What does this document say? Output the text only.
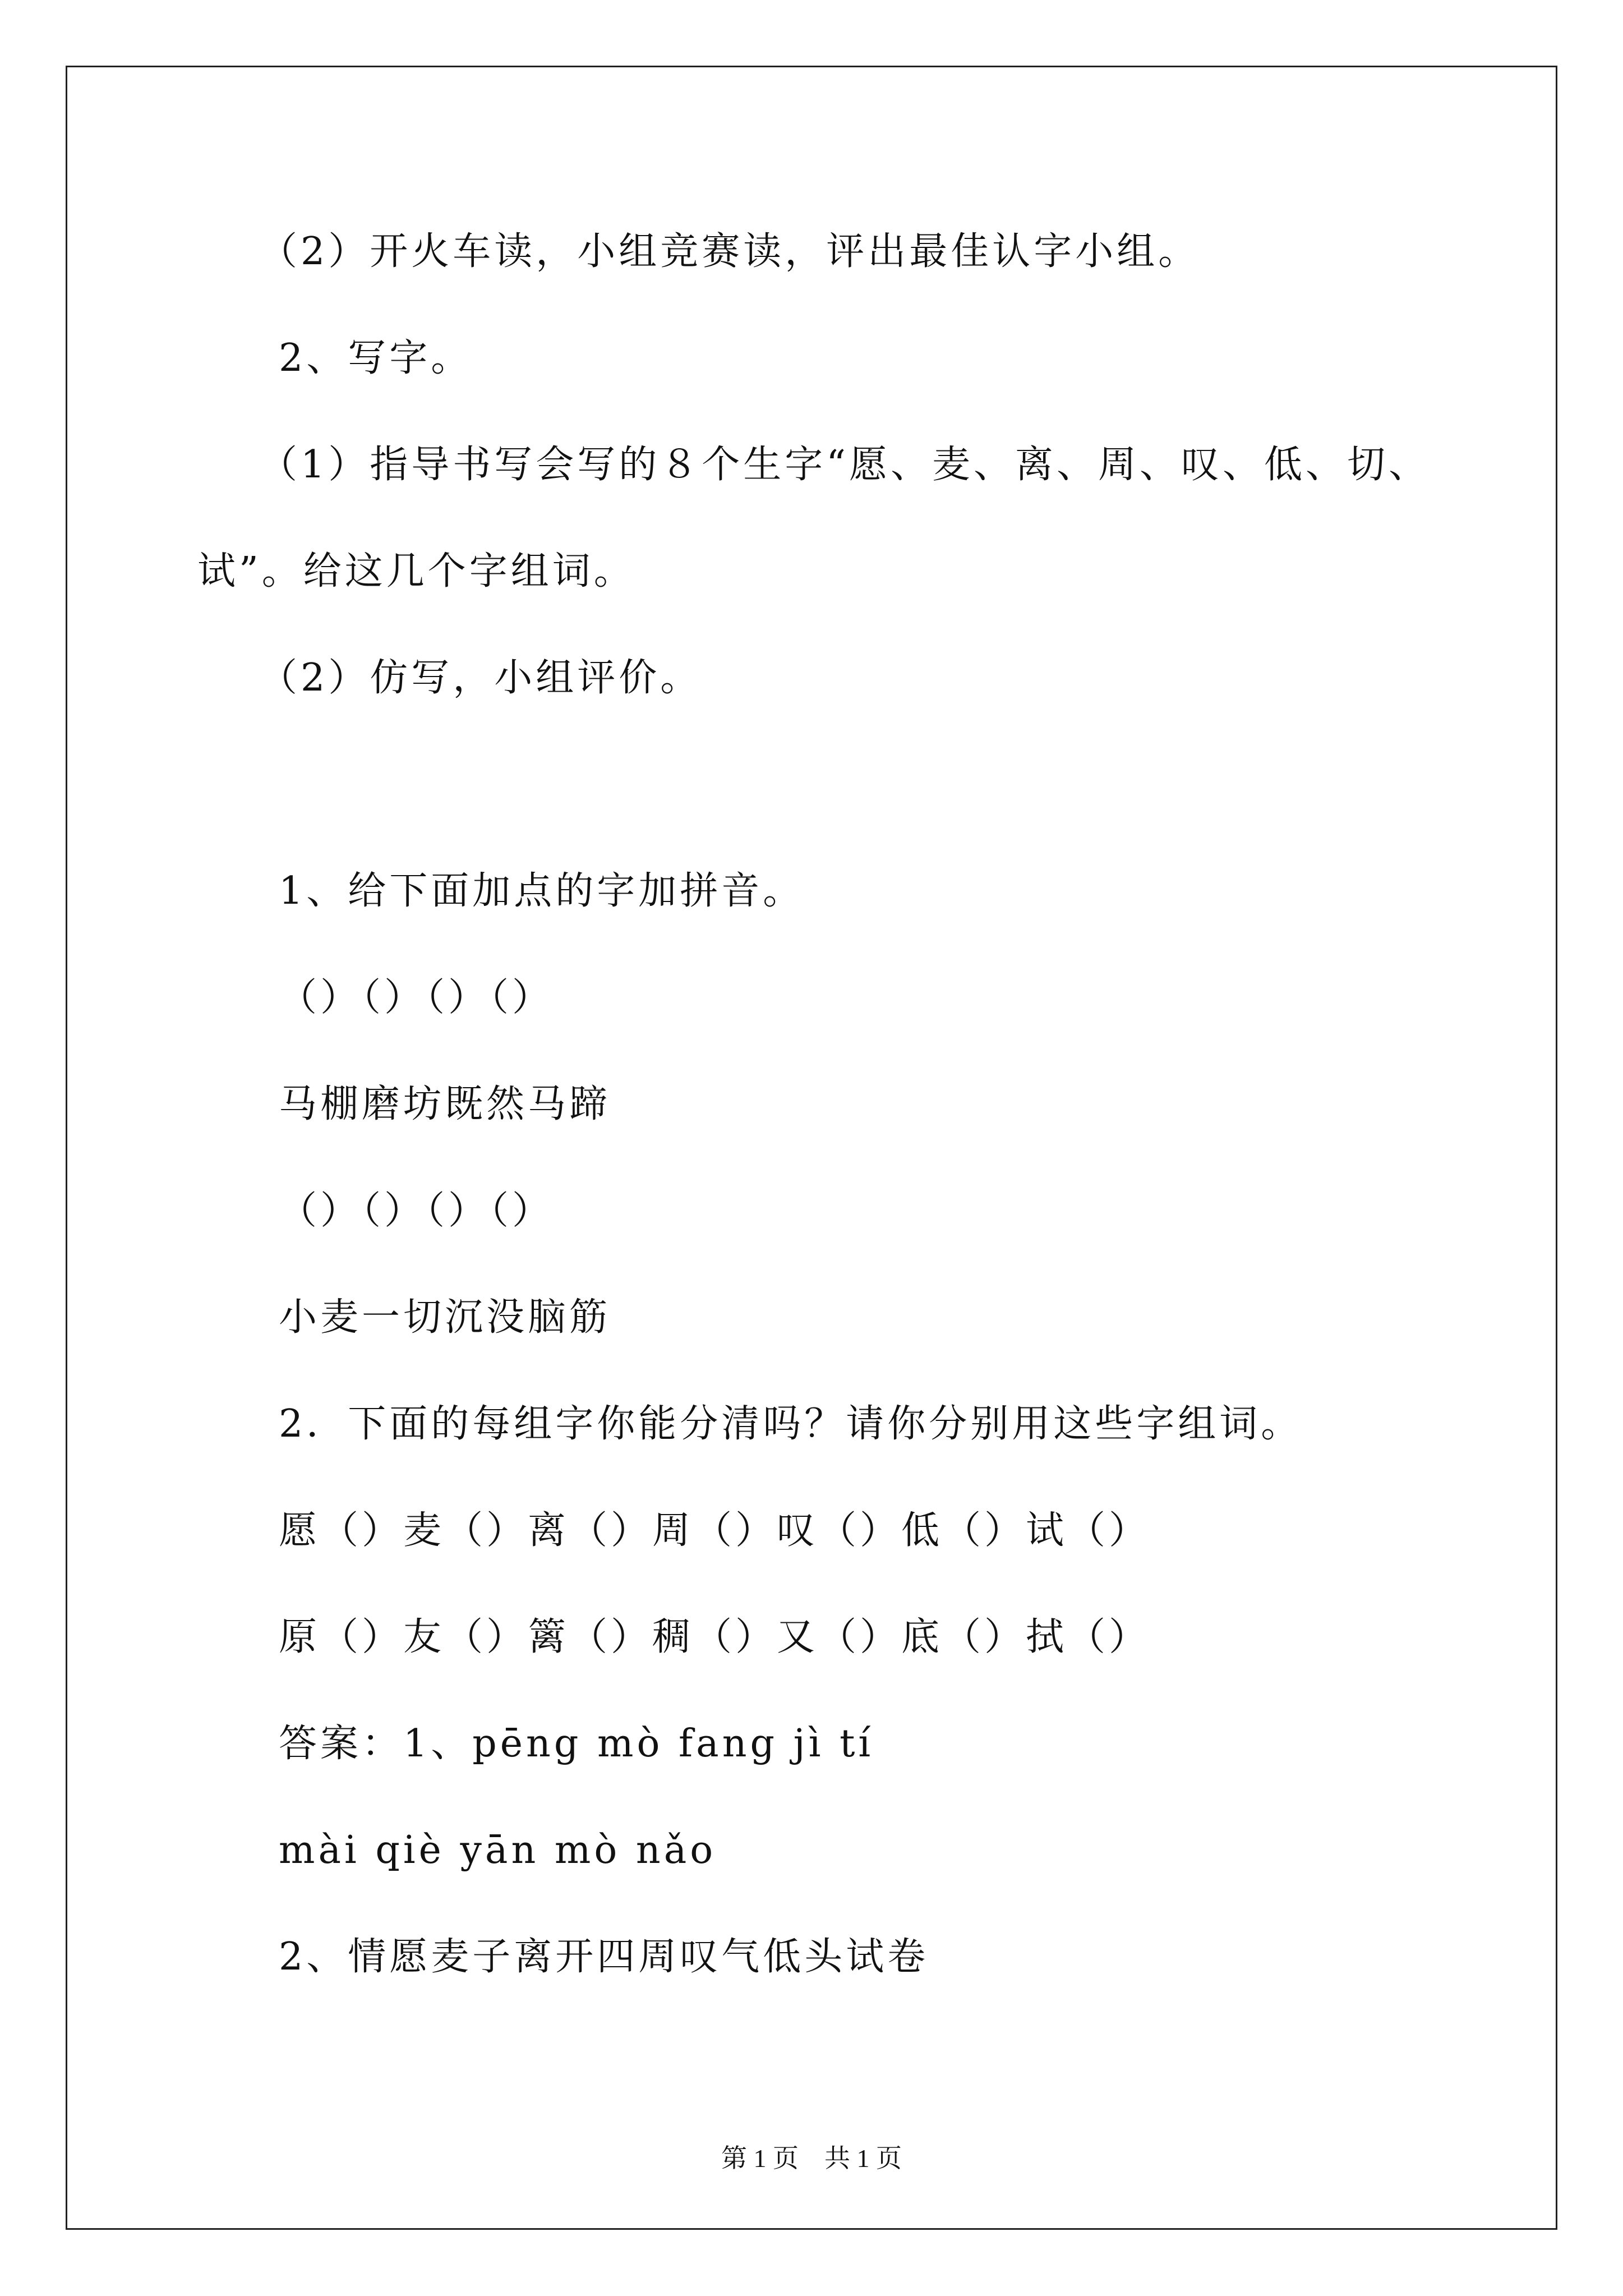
（2）开火车读，小组竞赛读，评出最佳认字小组。
2、写字。
（1）指导书写会写的８个生字“愿、麦、离、周、叹、低、切、
试”。给这几个字组词。
（2）仿写，小组评价。
1、给下面加点的字加拼音。
（）（）（）（）
马棚磨坊既然马蹄
（）（）（）（）
小麦一切沉没脑筋
2．下面的每组字你能分清吗？请你分别用这些字组词。
愿（）麦（）离（）周（）叹（）低（）试（）
原（）友（）篱（）稠（）又（）底（）拭（）
答案：1、pēng mò fang jì tí
mài qiè yān mò nǎo
2、情愿麦子离开四周叹气低头试卷
第 1 页　共 1 页
